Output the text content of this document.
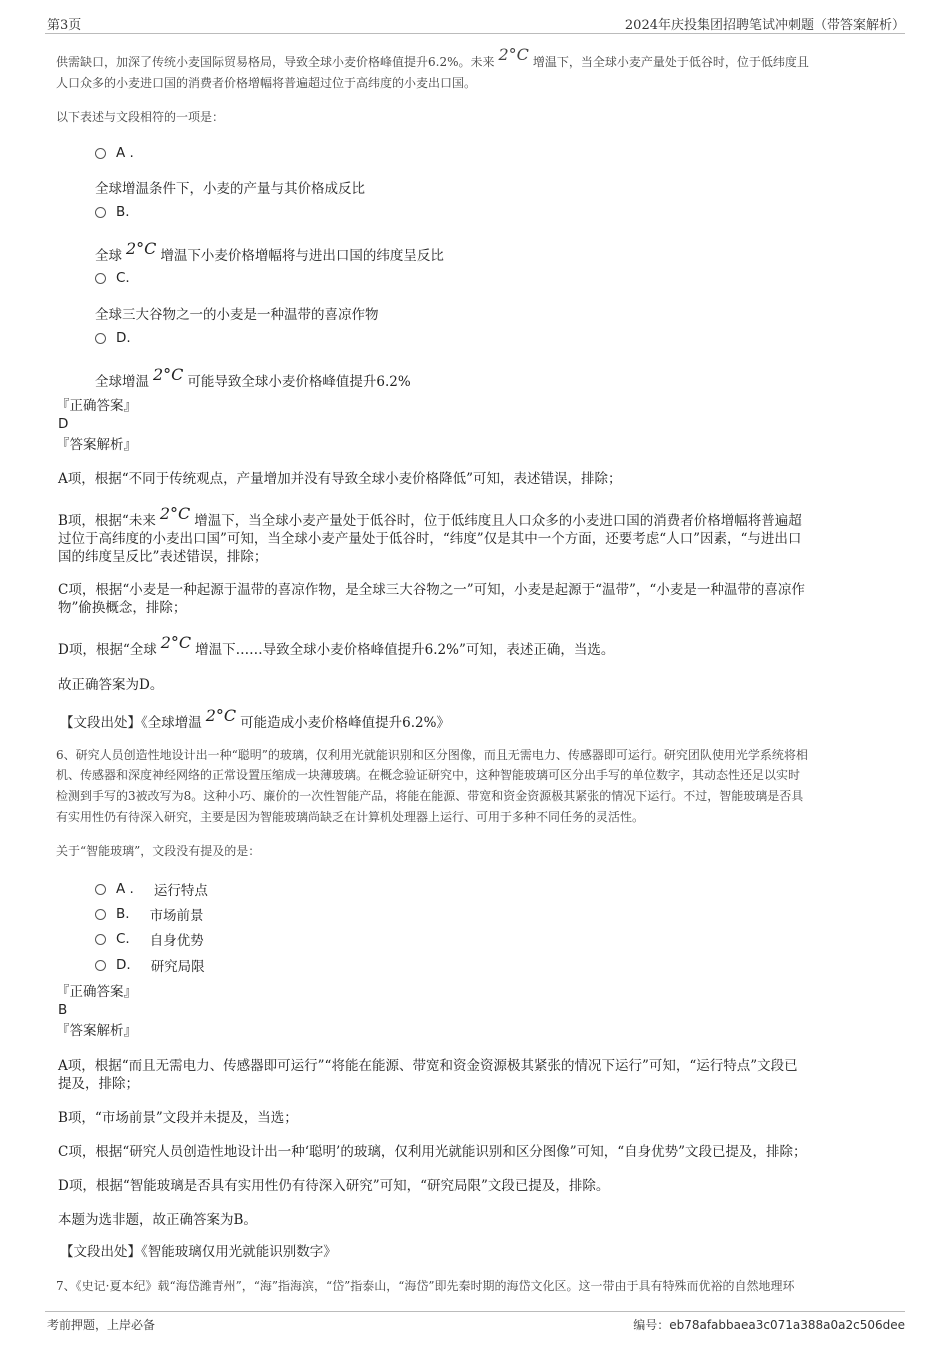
第3页	2024年庆投集团招聘笔试冲刺题（带答案解析）
供需缺口，加深了传统小麦国际贸易格局，导致全球小麦价格峰值提升6.2%。未来 2°C 增温下，当全球小麦产量处于低谷时，位于低纬度且
人口众多的小麦进口国的消费者价格增幅将普遍超过位于高纬度的小麦出口国。
以下表述与文段相符的一项是：
A .
全球增温条件下，小麦的产量与其价格成反比
B.
全球 2°C 增温下小麦价格增幅将与进出口国的纬度呈反比
C.
全球三大谷物之一的小麦是一种温带的喜凉作物
D.
全球增温 2°C 可能导致全球小麦价格峰值提升6.2%
『正确答案』
D
『答案解析』
A项，根据“不同于传统观点，产量增加并没有导致全球小麦价格降低”可知，表述错误，排除；
B项，根据“未来 2°C 增温下，当全球小麦产量处于低谷时，位于低纬度且人口众多的小麦进口国的消费者价格增幅将普遍超
过位于高纬度的小麦出口国”可知，当全球小麦产量处于低谷时，“纬度”仅是其中一个方面，还要考虑“人口”因素，“与进出口
国的纬度呈反比”表述错误，排除；
C项，根据“小麦是一种起源于温带的喜凉作物，是全球三大谷物之一”可知，小麦是起源于“温带”，“小麦是一种温带的喜凉作
物”偷换概念，排除；
D项，根据“全球 2°C 增温下……导致全球小麦价格峰值提升6.2%”可知，表述正确，当选。
故正确答案为D。
【文段出处】《全球增温 2°C 可能造成小麦价格峰值提升6.2%》
6、研究人员创造性地设计出一种“聪明”的玻璃，仅利用光就能识别和区分图像，而且无需电力、传感器即可运行。研究团队使用光学系统将相
机、传感器和深度神经网络的正常设置压缩成一块薄玻璃。在概念验证研究中，这种智能玻璃可区分出手写的单位数字，其动态性还足以实时
检测到手写的3被改写为8。这种小巧、廉价的一次性智能产品，将能在能源、带宽和资金资源极其紧张的情况下运行。不过，智能玻璃是否具
有实用性仍有待深入研究，主要是因为智能玻璃尚缺乏在计算机处理器上运行、可用于多种不同任务的灵活性。
关于“智能玻璃”，文段没有提及的是：
A . 运行特点
B. 市场前景
C. 自身优势
D. 研究局限
『正确答案』
B
『答案解析』
A项，根据“而且无需电力、传感器即可运行”“将能在能源、带宽和资金资源极其紧张的情况下运行”可知，“运行特点”文段已
提及，排除；
B项，“市场前景”文段并未提及，当选；
C项，根据“研究人员创造性地设计出一种‘聪明’的玻璃，仅利用光就能识别和区分图像”可知，“自身优势”文段已提及，排除；
D项，根据“智能玻璃是否具有实用性仍有待深入研究”可知，“研究局限”文段已提及，排除。
本题为选非题，故正确答案为B。
【文段出处】《智能玻璃仅用光就能识别数字》
7、《史记·夏本纪》载“海岱潍青州”，“海”指海滨，“岱”指泰山，“海岱”即先秦时期的海岱文化区。这一带由于具有特殊而优裕的自然地理环
考前押题，上岸必备	编号：eb78afabbaea3c071a388a0a2c506dee
